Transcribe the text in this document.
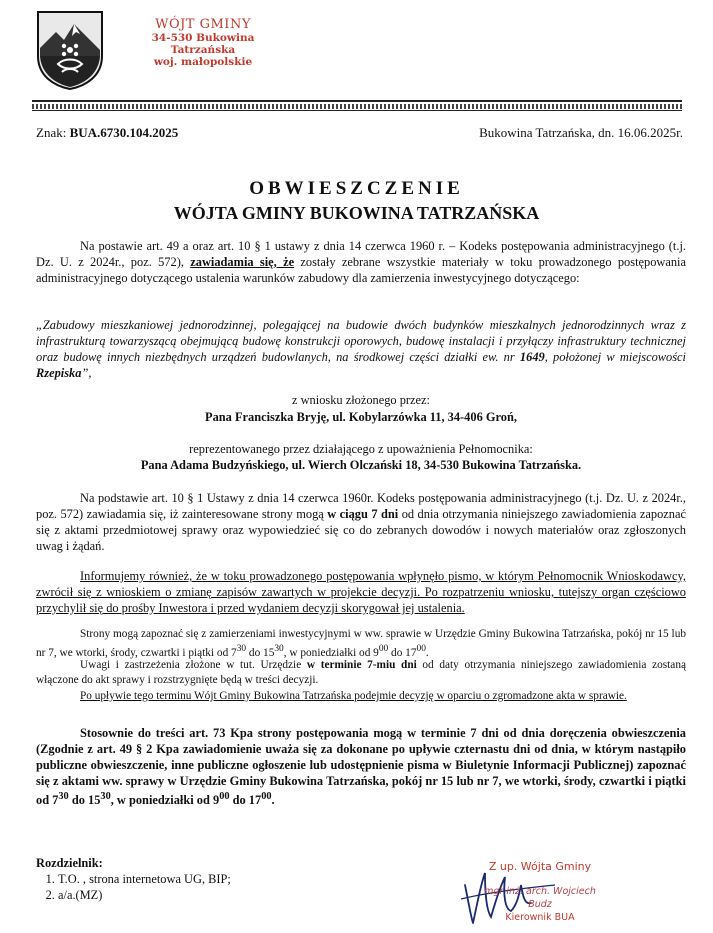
WÓJT GMINY
34-530 Bukowina Tatrzańska
woj. małopolskie
Znak: BUA.6730.104.2025	Bukowina Tatrzańska, dn. 16.06.2025r.
OBWIESZCZENIE
WÓJTA GMINY BUKOWINA TATRZAŃSKA

Na postawie art. 49 a oraz art. 10 § 1 ustawy z dnia 14 czerwca 1960 r. – Kodeks postępowania administracyjnego (t.j. Dz. U. z 2024r., poz. 572), zawiadamia się, że zostały zebrane wszystkie materiały w toku prowadzonego postępowania administracyjnego dotyczącego ustalenia warunków zabudowy dla zamierzenia inwestycyjnego dotyczącego:

„Zabudowy mieszkaniowej jednorodzinnej, polegającej na budowie dwóch budynków mieszkalnych jednorodzinnych wraz z infrastrukturą towarzyszącą obejmującą budowę konstrukcji oporowych, budowę instalacji i przyłączy infrastruktury technicznej oraz budowę innych niezbędnych urządzeń budowlanych, na środkowej części działki ew. nr 1649, położonej w miejscowości Rzepiska”,

z wniosku złożonego przez:
Pana Franciszka Bryję, ul. Kobylarzówka 11, 34-406 Groń,
reprezentowanego przez działającego z upoważnienia Pełnomocnika:
Pana Adama Budzyńskiego, ul. Wierch Olczański 18, 34-530 Bukowina Tatrzańska.

Na podstawie art. 10 § 1 Ustawy z dnia 14 czerwca 1960r. Kodeks postępowania administracyjnego (t.j. Dz. U. z 2024r., poz. 572) zawiadamia się, iż zainteresowane strony mogą w ciągu 7 dni od dnia otrzymania niniejszego zawiadomienia zapoznać się z aktami przedmiotowej sprawy oraz wypowiedzieć się co do zebranych dowodów i nowych materiałów oraz zgłoszonych uwag i żądań.

Informujemy również, że w toku prowadzonego postępowania wpłynęło pismo, w którym Pełnomocnik Wnioskodawcy, zwrócił się z wnioskiem o zmianę zapisów zawartych w projekcie decyzji. Po rozpatrzeniu wniosku, tutejszy organ częściowo przychylił się do prośby Inwestora i przed wydaniem decyzji skorygował jej ustalenia.

Strony mogą zapoznać się z zamierzeniami inwestycyjnymi w ww. sprawie w Urzędzie Gminy Bukowina Tatrzańska, pokój nr 15 lub nr 7, we wtorki, środy, czwartki i piątki od $7^{30}$ do $15^{30}$, w poniedziałki od $9^{00}$ do $17^{00}$.

Uwagi i zastrzeżenia złożone w tut. Urzędzie w terminie 7-miu dni od daty otrzymania niniejszego zawiadomienia zostaną włączone do akt sprawy i rozstrzygnięte będą w treści decyzji.

Po upływie tego terminu Wójt Gminy Bukowina Tatrzańska podejmie decyzję w oparciu o zgromadzone akta w sprawie.

Stosownie do treści art. 73 Kpa strony postępowania mogą w terminie 7 dni od dnia doręczenia obwieszczenia (Zgodnie z art. 49 § 2 Kpa zawiadomienie uważa się za dokonane po upływie czternastu dni od dnia, w którym nastąpiło publiczne obwieszczenie, inne publiczne ogłoszenie lub udostępnienie pisma w Biuletynie Informacji Publicznej) zapoznać się z aktami ww. sprawy w Urzędzie Gminy Bukowina Tatrzańska, pokój nr 15 lub nr 7, we wtorki, środy, czwartki i piątki od $7^{30}$ do $15^{30}$, w poniedziałki od $9^{00}$ do $17^{00}$.

Rozdzielnik:
1. T.O. , strona internetowa UG, BIP;
2. a/a.(MZ)
Z up. Wójta Gminy
mgr inż. arch. Wojciech Budz
Kierownik BUA
